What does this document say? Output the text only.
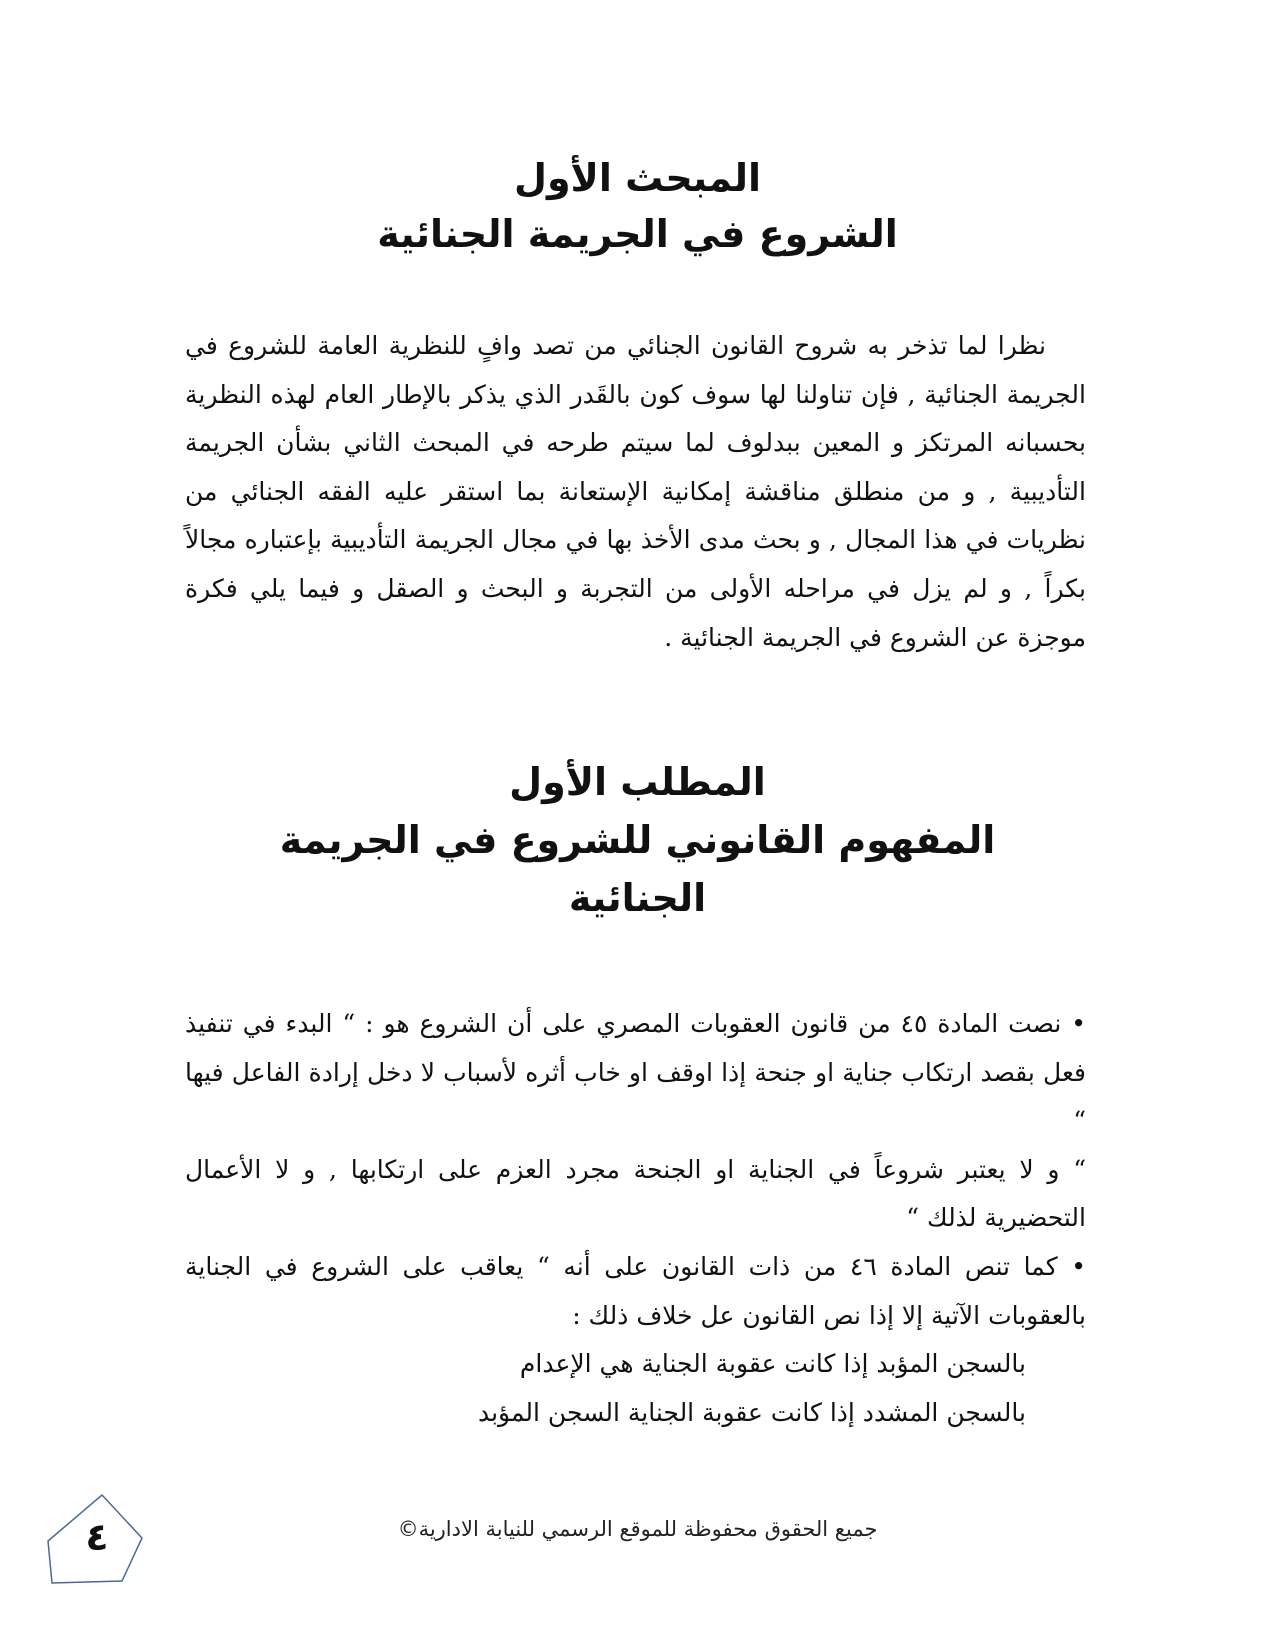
المبحث الأول
الشروع في الجريمة الجنائية

نظرا لما تذخر به شروح القانون الجنائي من تصد وافٍ للنظرية العامة للشروع في الجريمة الجنائية , فإن تناولنا لها سوف كون بالقَدر الذي يذكر بالإطار العام لهذه النظرية بحسبانه المرتكز و المعين ببدلوف لما سيتم طرحه في المبحث الثاني بشأن الجريمة التأديبية , و من منطلق مناقشة إمكانية الإستعانة بما استقر عليه الفقه الجنائي من نظريات في هذا المجال , و بحث مدى الأخذ بها في مجال الجريمة التأديبية بإعتباره مجالاً بكراً , و لم يزل في مراحله الأولى من التجربة و البحث و الصقل و فيما يلي فكرة موجزة عن الشروع في الجريمة الجنائية .

المطلب الأول
المفهوم القانوني للشروع في الجريمة
الجنائية

• نصت المادة ٤٥ من قانون العقوبات المصري على أن الشروع هو : “ البدء في تنفيذ فعل بقصد ارتكاب جناية او جنحة إذا اوقف او خاب أثره لأسباب لا دخل إرادة الفاعل فيها “

“ و لا يعتبر شروعاً في الجناية او الجنحة مجرد العزم على ارتكابها , و لا الأعمال التحضيرية لذلك “

• كما تنص المادة ٤٦ من ذات القانون على أنه “ يعاقب على الشروع في الجناية بالعقوبات الآتية إلا إذا نص القانون عل خلاف ذلك :

بالسجن المؤبد إذا كانت عقوبة الجناية هي الإعدام

بالسجن المشدد إذا كانت عقوبة الجناية السجن المؤبد

٤	جميع الحقوق محفوظة للموقع الرسمي للنيابة الادارية©
